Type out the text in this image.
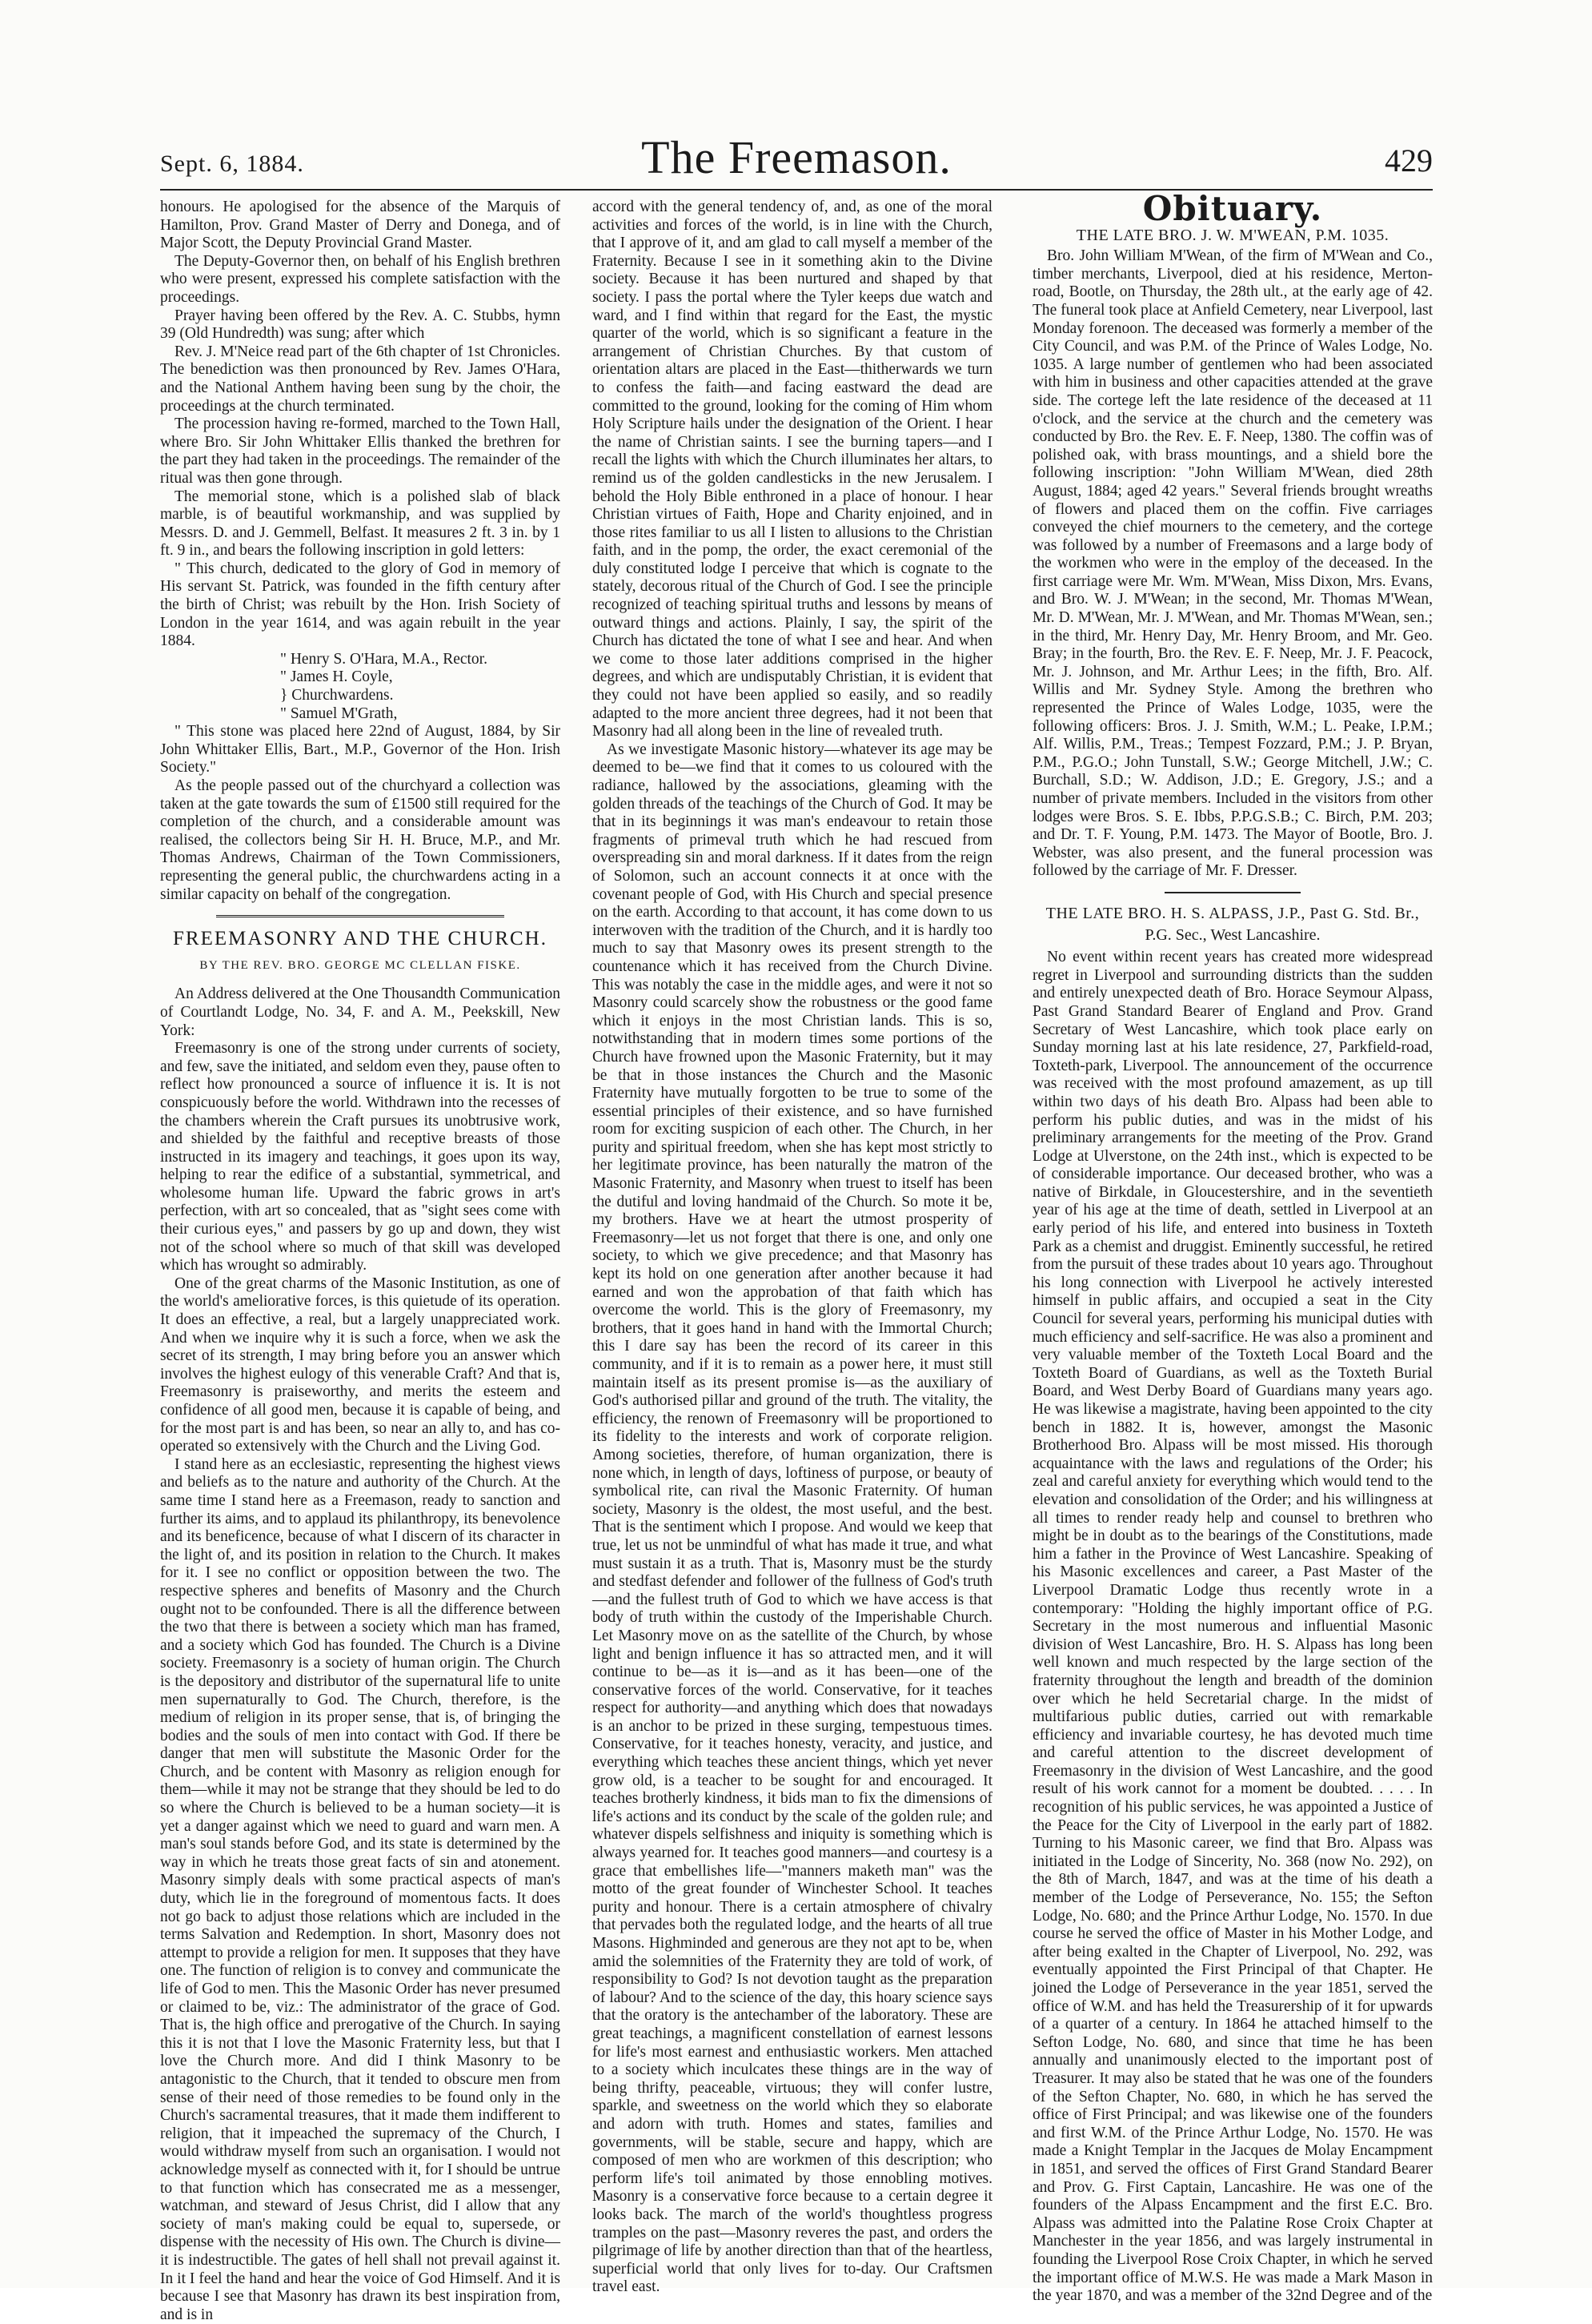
Sept. 6, 1884.	The Freemason.	429

honours. He apologised for the absence of the Marquis of Hamilton, Prov. Grand Master of Derry and Donega, and of Major Scott, the Deputy Provincial Grand Master.

The Deputy-Governor then, on behalf of his English brethren who were present, expressed his complete satisfaction with the proceedings.

Prayer having been offered by the Rev. A. C. Stubbs, hymn 39 (Old Hundredth) was sung; after which

Rev. J. M'Neice read part of the 6th chapter of 1st Chronicles. The benediction was then pronounced by Rev. James O'Hara, and the National Anthem having been sung by the choir, the proceedings at the church terminated.

The procession having re-formed, marched to the Town Hall, where Bro. Sir John Whittaker Ellis thanked the brethren for the part they had taken in the proceedings. The remainder of the ritual was then gone through.

The memorial stone, which is a polished slab of black marble, is of beautiful workmanship, and was supplied by Messrs. D. and J. Gemmell, Belfast. It measures 2 ft. 3 in. by 1 ft. 9 in., and bears the following inscription in gold letters:

" This church, dedicated to the glory of God in memory of His servant St. Patrick, was founded in the fifth century after the birth of Christ; was rebuilt by the Hon. Irish Society of London in the year 1614, and was again rebuilt in the year 1884.

" Henry S. O'Hara, M.A., Rector.

" James H. Coyle,

} Churchwardens.

" Samuel M'Grath,

" This stone was placed here 22nd of August, 1884, by Sir John Whittaker Ellis, Bart., M.P., Governor of the Hon. Irish Society."

As the people passed out of the churchyard a collection was taken at the gate towards the sum of £1500 still required for the completion of the church, and a considerable amount was realised, the collectors being Sir H. H. Bruce, M.P., and Mr. Thomas Andrews, Chairman of the Town Commissioners, representing the general public, the churchwardens acting in a similar capacity on behalf of the congregation.

FREEMASONRY AND THE CHURCH.
BY THE REV. BRO. GEORGE MC CLELLAN FISKE.

An Address delivered at the One Thousandth Communication of Courtlandt Lodge, No. 34, F. and A. M., Peekskill, New York:

Freemasonry is one of the strong under currents of society, and few, save the initiated, and seldom even they, pause often to reflect how pronounced a source of influence it is. It is not conspicuously before the world. Withdrawn into the recesses of the chambers wherein the Craft pursues its unobtrusive work, and shielded by the faithful and receptive breasts of those instructed in its imagery and teachings, it goes upon its way, helping to rear the edifice of a substantial, symmetrical, and wholesome human life. Upward the fabric grows in art's perfection, with art so concealed, that as "sight sees come with their curious eyes," and passers by go up and down, they wist not of the school where so much of that skill was developed which has wrought so admirably.

One of the great charms of the Masonic Institution, as one of the world's ameliorative forces, is this quietude of its operation. It does an effective, a real, but a largely unappreciated work. And when we inquire why it is such a force, when we ask the secret of its strength, I may bring before you an answer which involves the highest eulogy of this venerable Craft? And that is, Freemasonry is praiseworthy, and merits the esteem and confidence of all good men, because it is capable of being, and for the most part is and has been, so near an ally to, and has co-operated so extensively with the Church and the Living God.

I stand here as an ecclesiastic, representing the highest views and beliefs as to the nature and authority of the Church. At the same time I stand here as a Freemason, ready to sanction and further its aims, and to applaud its philanthropy, its benevolence and its beneficence, because of what I discern of its character in the light of, and its position in relation to the Church. It makes for it. I see no conflict or opposition between the two. The respective spheres and benefits of Masonry and the Church ought not to be confounded. There is all the difference between the two that there is between a society which man has framed, and a society which God has founded. The Church is a Divine society. Freemasonry is a society of human origin. The Church is the depository and distributor of the supernatural life to unite men supernaturally to God. The Church, therefore, is the medium of religion in its proper sense, that is, of bringing the bodies and the souls of men into contact with God. If there be danger that men will substitute the Masonic Order for the Church, and be content with Masonry as religion enough for them—while it may not be strange that they should be led to do so where the Church is believed to be a human society—it is yet a danger against which we need to guard and warn men. A man's soul stands before God, and its state is determined by the way in which he treats those great facts of sin and atonement. Masonry simply deals with some practical aspects of man's duty, which lie in the foreground of momentous facts. It does not go back to adjust those relations which are included in the terms Salvation and Redemption. In short, Masonry does not attempt to provide a religion for men. It supposes that they have one. The function of religion is to convey and communicate the life of God to men. This the Masonic Order has never presumed or claimed to be, viz.: The administrator of the grace of God. That is, the high office and prerogative of the Church. In saying this it is not that I love the Masonic Fraternity less, but that I love the Church more. And did I think Masonry to be antagonistic to the Church, that it tended to obscure men from sense of their need of those remedies to be found only in the Church's sacramental treasures, that it made them indifferent to religion, that it impeached the supremacy of the Church, I would withdraw myself from such an organisation. I would not acknowledge myself as connected with it, for I should be untrue to that function which has consecrated me as a messenger, watchman, and steward of Jesus Christ, did I allow that any society of man's making could be equal to, supersede, or dispense with the necessity of His own. The Church is divine—it is indestructible. The gates of hell shall not prevail against it. In it I feel the hand and hear the voice of God Himself. And it is because I see that Masonry has drawn its best inspiration from, and is in

accord with the general tendency of, and, as one of the moral activities and forces of the world, is in line with the Church, that I approve of it, and am glad to call myself a member of the Fraternity. Because I see in it something akin to the Divine society. Because it has been nurtured and shaped by that society. I pass the portal where the Tyler keeps due watch and ward, and I find within that regard for the East, the mystic quarter of the world, which is so significant a feature in the arrangement of Christian Churches. By that custom of orientation altars are placed in the East—thitherwards we turn to confess the faith—and facing eastward the dead are committed to the ground, looking for the coming of Him whom Holy Scripture hails under the designation of the Orient. I hear the name of Christian saints. I see the burning tapers—and I recall the lights with which the Church illuminates her altars, to remind us of the golden candlesticks in the new Jerusalem. I behold the Holy Bible enthroned in a place of honour. I hear Christian virtues of Faith, Hope and Charity enjoined, and in those rites familiar to us all I listen to allusions to the Christian faith, and in the pomp, the order, the exact ceremonial of the duly constituted lodge I perceive that which is cognate to the stately, decorous ritual of the Church of God. I see the principle recognized of teaching spiritual truths and lessons by means of outward things and actions. Plainly, I say, the spirit of the Church has dictated the tone of what I see and hear. And when we come to those later additions comprised in the higher degrees, and which are undisputably Christian, it is evident that they could not have been applied so easily, and so readily adapted to the more ancient three degrees, had it not been that Masonry had all along been in the line of revealed truth.

As we investigate Masonic history—whatever its age may be deemed to be—we find that it comes to us coloured with the radiance, hallowed by the associations, gleaming with the golden threads of the teachings of the Church of God. It may be that in its beginnings it was man's endeavour to retain those fragments of primeval truth which he had rescued from overspreading sin and moral darkness. If it dates from the reign of Solomon, such an account connects it at once with the covenant people of God, with His Church and special presence on the earth. According to that account, it has come down to us interwoven with the tradition of the Church, and it is hardly too much to say that Masonry owes its present strength to the countenance which it has received from the Church Divine. This was notably the case in the middle ages, and were it not so Masonry could scarcely show the robustness or the good fame which it enjoys in the most Christian lands. This is so, notwithstanding that in modern times some portions of the Church have frowned upon the Masonic Fraternity, but it may be that in those instances the Church and the Masonic Fraternity have mutually forgotten to be true to some of the essential principles of their existence, and so have furnished room for exciting suspicion of each other. The Church, in her purity and spiritual freedom, when she has kept most strictly to her legitimate province, has been naturally the matron of the Masonic Fraternity, and Masonry when truest to itself has been the dutiful and loving handmaid of the Church. So mote it be, my brothers. Have we at heart the utmost prosperity of Freemasonry—let us not forget that there is one, and only one society, to which we give precedence; and that Masonry has kept its hold on one generation after another because it had earned and won the approbation of that faith which has overcome the world. This is the glory of Freemasonry, my brothers, that it goes hand in hand with the Immortal Church; this I dare say has been the record of its career in this community, and if it is to remain as a power here, it must still maintain itself as its present promise is—as the auxiliary of God's authorised pillar and ground of the truth. The vitality, the efficiency, the renown of Freemasonry will be proportioned to its fidelity to the interests and work of corporate religion. Among societies, therefore, of human organization, there is none which, in length of days, loftiness of purpose, or beauty of symbolical rite, can rival the Masonic Fraternity. Of human society, Masonry is the oldest, the most useful, and the best. That is the sentiment which I propose. And would we keep that true, let us not be unmindful of what has made it true, and what must sustain it as a truth. That is, Masonry must be the sturdy and stedfast defender and follower of the fullness of God's truth—and the fullest truth of God to which we have access is that body of truth within the custody of the Imperishable Church. Let Masonry move on as the satellite of the Church, by whose light and benign influence it has so attracted men, and it will continue to be—as it is—and as it has been—one of the conservative forces of the world. Conservative, for it teaches respect for authority—and anything which does that nowadays is an anchor to be prized in these surging, tempestuous times. Conservative, for it teaches honesty, veracity, and justice, and everything which teaches these ancient things, which yet never grow old, is a teacher to be sought for and encouraged. It teaches brotherly kindness, it bids man to fix the dimensions of life's actions and its conduct by the scale of the golden rule; and whatever dispels selfishness and iniquity is something which is always yearned for. It teaches good manners—and courtesy is a grace that embellishes life—"manners maketh man" was the motto of the great founder of Winchester School. It teaches purity and honour. There is a certain atmosphere of chivalry that pervades both the regulated lodge, and the hearts of all true Masons. Highminded and generous are they not apt to be, when amid the solemnities of the Fraternity they are told of work, of responsibility to God? Is not devotion taught as the preparation of labour? And to the science of the day, this hoary science says that the oratory is the antechamber of the laboratory. These are great teachings, a magnificent constellation of earnest lessons for life's most earnest and enthusiastic workers. Men attached to a society which inculcates these things are in the way of being thrifty, peaceable, virtuous; they will confer lustre, sparkle, and sweetness on the world which they so elaborate and adorn with truth. Homes and states, families and governments, will be stable, secure and happy, which are composed of men who are workmen of this description; who perform life's toil animated by those ennobling motives. Masonry is a conservative force because to a certain degree it looks back. The march of the world's thoughtless progress tramples on the past—Masonry reveres the past, and orders the pilgrimage of life by another direction than that of the heartless, superficial world that only lives for to-day. Our Craftsmen travel east.

Obituary.
THE LATE BRO. J. W. M'WEAN, P.M. 1035.

Bro. John William M'Wean, of the firm of M'Wean and Co., timber merchants, Liverpool, died at his residence, Merton-road, Bootle, on Thursday, the 28th ult., at the early age of 42. The funeral took place at Anfield Cemetery, near Liverpool, last Monday forenoon. The deceased was formerly a member of the City Council, and was P.M. of the Prince of Wales Lodge, No. 1035. A large number of gentlemen who had been associated with him in business and other capacities attended at the grave side. The cortege left the late residence of the deceased at 11 o'clock, and the service at the church and the cemetery was conducted by Bro. the Rev. E. F. Neep, 1380. The coffin was of polished oak, with brass mountings, and a shield bore the following inscription: "John William M'Wean, died 28th August, 1884; aged 42 years." Several friends brought wreaths of flowers and placed them on the coffin. Five carriages conveyed the chief mourners to the cemetery, and the cortege was followed by a number of Freemasons and a large body of the workmen who were in the employ of the deceased. In the first carriage were Mr. Wm. M'Wean, Miss Dixon, Mrs. Evans, and Bro. W. J. M'Wean; in the second, Mr. Thomas M'Wean, Mr. D. M'Wean, Mr. J. M'Wean, and Mr. Thomas M'Wean, sen.; in the third, Mr. Henry Day, Mr. Henry Broom, and Mr. Geo. Bray; in the fourth, Bro. the Rev. E. F. Neep, Mr. J. F. Peacock, Mr. J. Johnson, and Mr. Arthur Lees; in the fifth, Bro. Alf. Willis and Mr. Sydney Style. Among the brethren who represented the Prince of Wales Lodge, 1035, were the following officers: Bros. J. J. Smith, W.M.; L. Peake, I.P.M.; Alf. Willis, P.M., Treas.; Tempest Fozzard, P.M.; J. P. Bryan, P.M., P.G.O.; John Tunstall, S.W.; George Mitchell, J.W.; C. Burchall, S.D.; W. Addison, J.D.; E. Gregory, J.S.; and a number of private members. Included in the visitors from other lodges were Bros. S. E. Ibbs, P.P.G.S.B.; C. Birch, P.M. 203; and Dr. T. F. Young, P.M. 1473. The Mayor of Bootle, Bro. J. Webster, was also present, and the funeral procession was followed by the carriage of Mr. F. Dresser.

THE LATE BRO. H. S. ALPASS, J.P., Past G. Std. Br.,
P.G. Sec., West Lancashire.

No event within recent years has created more widespread regret in Liverpool and surrounding districts than the sudden and entirely unexpected death of Bro. Horace Seymour Alpass, Past Grand Standard Bearer of England and Prov. Grand Secretary of West Lancashire, which took place early on Sunday morning last at his late residence, 27, Parkfield-road, Toxteth-park, Liverpool. The announcement of the occurrence was received with the most profound amazement, as up till within two days of his death Bro. Alpass had been able to perform his public duties, and was in the midst of his preliminary arrangements for the meeting of the Prov. Grand Lodge at Ulverstone, on the 24th inst., which is expected to be of considerable importance. Our deceased brother, who was a native of Birkdale, in Gloucestershire, and in the seventieth year of his age at the time of death, settled in Liverpool at an early period of his life, and entered into business in Toxteth Park as a chemist and druggist. Eminently successful, he retired from the pursuit of these trades about 10 years ago. Throughout his long connection with Liverpool he actively interested himself in public affairs, and occupied a seat in the City Council for several years, performing his municipal duties with much efficiency and self-sacrifice. He was also a prominent and very valuable member of the Toxteth Local Board and the Toxteth Board of Guardians, as well as the Toxteth Burial Board, and West Derby Board of Guardians many years ago. He was likewise a magistrate, having been appointed to the city bench in 1882. It is, however, amongst the Masonic Brotherhood Bro. Alpass will be most missed. His thorough acquaintance with the laws and regulations of the Order; his zeal and careful anxiety for everything which would tend to the elevation and consolidation of the Order; and his willingness at all times to render ready help and counsel to brethren who might be in doubt as to the bearings of the Constitutions, made him a father in the Province of West Lancashire. Speaking of his Masonic excellences and career, a Past Master of the Liverpool Dramatic Lodge thus recently wrote in a contemporary: "Holding the highly important office of P.G. Secretary in the most numerous and influential Masonic division of West Lancashire, Bro. H. S. Alpass has long been well known and much respected by the large section of the fraternity throughout the length and breadth of the dominion over which he held Secretarial charge. In the midst of multifarious public duties, carried out with remarkable efficiency and invariable courtesy, he has devoted much time and careful attention to the discreet development of Freemasonry in the division of West Lancashire, and the good result of his work cannot for a moment be doubted. . . . . In recognition of his public services, he was appointed a Justice of the Peace for the City of Liverpool in the early part of 1882. Turning to his Masonic career, we find that Bro. Alpass was initiated in the Lodge of Sincerity, No. 368 (now No. 292), on the 8th of March, 1847, and was at the time of his death a member of the Lodge of Perseverance, No. 155; the Sefton Lodge, No. 680; and the Prince Arthur Lodge, No. 1570. In due course he served the office of Master in his Mother Lodge, and after being exalted in the Chapter of Liverpool, No. 292, was eventually appointed the First Principal of that Chapter. He joined the Lodge of Perseverance in the year 1851, served the office of W.M. and has held the Treasurership of it for upwards of a quarter of a century. In 1864 he attached himself to the Sefton Lodge, No. 680, and since that time he has been annually and unanimously elected to the important post of Treasurer. It may also be stated that he was one of the founders of the Sefton Chapter, No. 680, in which he has served the office of First Principal; and was likewise one of the founders and first W.M. of the Prince Arthur Lodge, No. 1570. He was made a Knight Templar in the Jacques de Molay Encampment in 1851, and served the offices of First Grand Standard Bearer and Prov. G. First Captain, Lancashire. He was one of the founders of the Alpass Encampment and the first E.C. Bro. Alpass was admitted into the Palatine Rose Croix Chapter at Manchester in the year 1856, and was largely instrumental in founding the Liverpool Rose Croix Chapter, in which he served the important office of M.W.S. He was made a Mark Mason in the year 1870, and was a member of the 32nd Degree and of the
